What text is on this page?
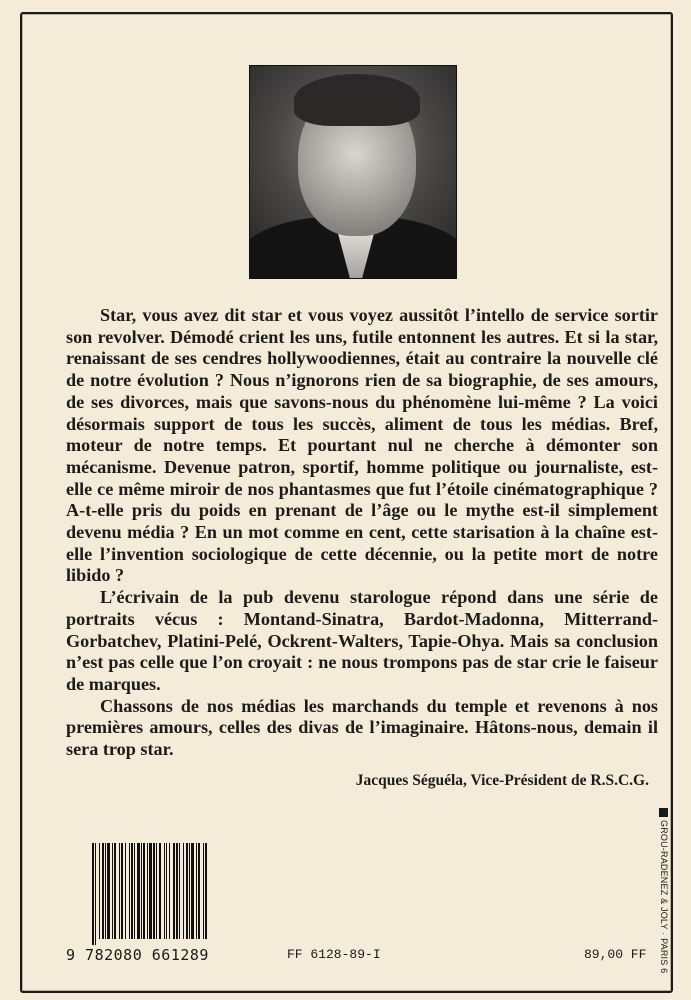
Star, vous avez dit star et vous voyez aussitôt l’intello de service sortir son revolver. Démodé crient les uns, futile entonnent les autres. Et si la star, renaissant de ses cendres hollywoodiennes, était au contraire la nouvelle clé de notre évolution ? Nous n’ignorons rien de sa biographie, de ses amours, de ses divorces, mais que savons-nous du phénomène lui-même ? La voici désormais support de tous les succès, aliment de tous les médias. Bref, moteur de notre temps. Et pourtant nul ne cherche à démonter son mécanisme. Devenue patron, sportif, homme politique ou journaliste, est-elle ce même miroir de nos phantasmes que fut l’étoile cinématographique ? A-t-elle pris du poids en prenant de l’âge ou le mythe est-il simplement devenu média ? En un mot comme en cent, cette starisation à la chaîne est-elle l’invention sociologique de cette décennie, ou la petite mort de notre libido ?

L’écrivain de la pub devenu starologue répond dans une série de portraits vécus : Montand-Sinatra, Bardot-Madonna, Mitterrand-Gorbatchev, Platini-Pelé, Ockrent-Walters, Tapie-Ohya. Mais sa conclusion n’est pas celle que l’on croyait : ne nous trompons pas de star crie le faiseur de marques.

Chassons de nos médias les marchands du temple et revenons à nos premières amours, celles des divas de l’imaginaire. Hâtons-nous, demain il sera trop star.

Jacques Séguéla, Vice-Président de R.S.C.G.
9 782080 661289	FF 6128-89-I	89,00 FF GROU-RADENEZ & JOLY · PARIS 6
